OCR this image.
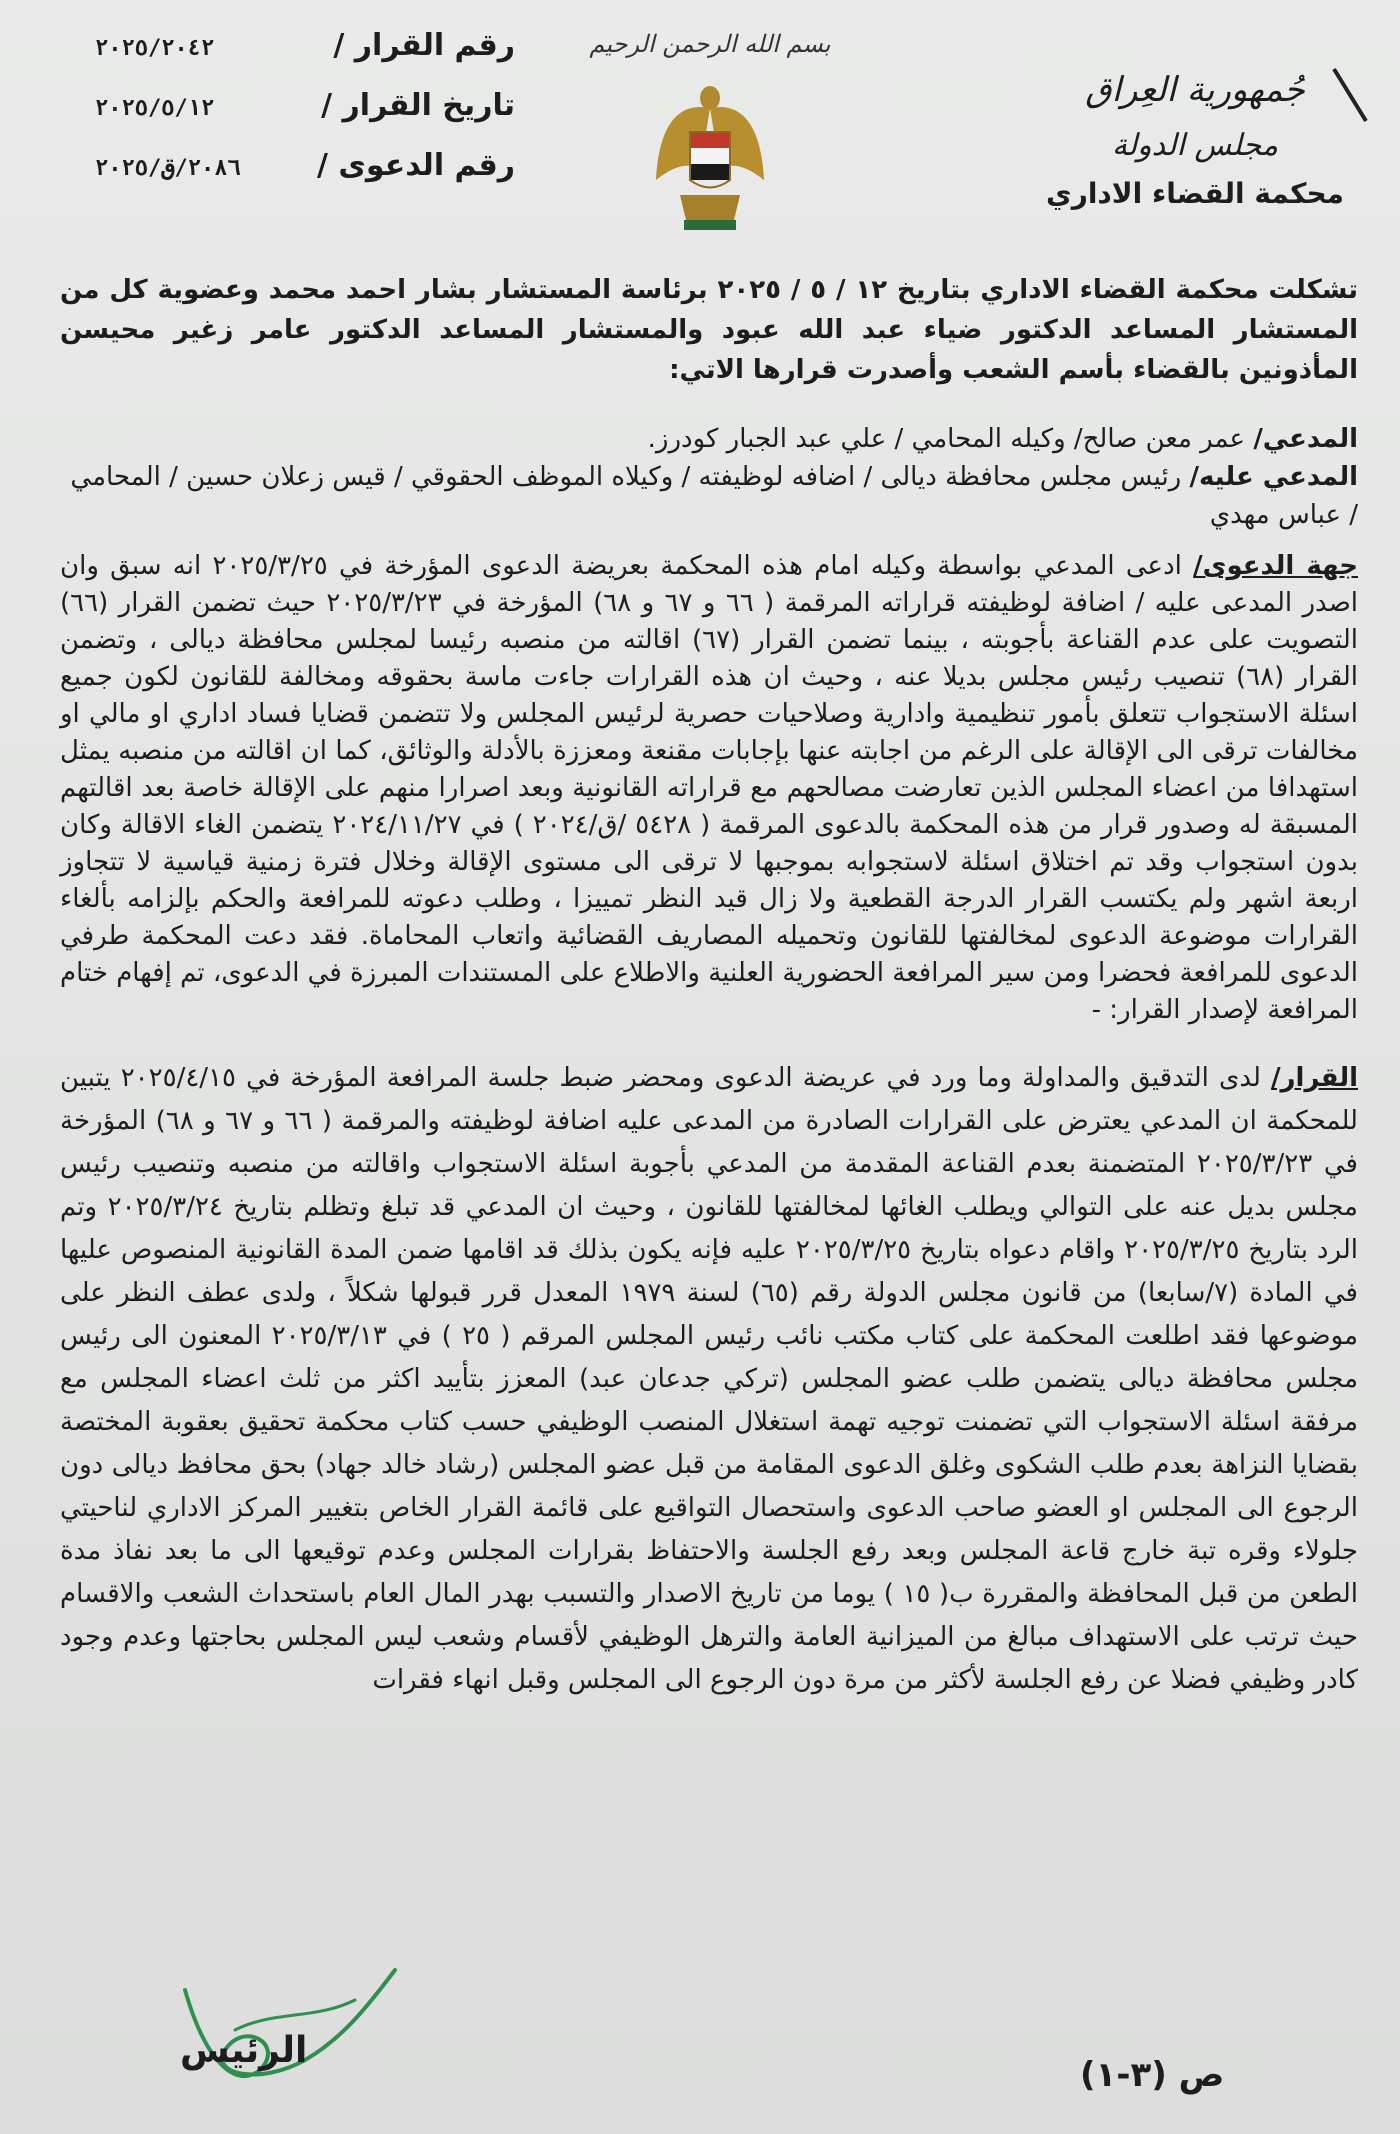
جُمهورية العِراق

مجلس الدولة

محكمة القضاء الاداري

بسم الله الرحمن الرحيم
رقم القرار /
٢٠٢٥/٢٠٤٢
تاريخ القرار /
٢٠٢٥/٥/١٢
رقم الدعوى /
٢٠٨٦/ق/٢٠٢٥

تشكلت محكمة القضاء الاداري بتاريخ ١٢ / ٥ / ٢٠٢٥ برئاسة المستشار بشار احمد محمد وعضوية كل من المستشار المساعد الدكتور ضياء عبد الله عبود والمستشار المساعد الدكتور عامر زغير محيسن المأذونين بالقضاء بأسم الشعب وأصدرت قرارها الاتي:

المدعي/ عمر معن صالح/ وكيله المحامي / علي عبد الجبار كودرز.

المدعي عليه/ رئيس مجلس محافظة ديالى / اضافه لوظيفته / وكيلاه الموظف الحقوقي / قيس زعلان حسين / المحامي / عباس مهدي

جهة الدعوى/ ادعى المدعي بواسطة وكيله امام هذه المحكمة بعريضة الدعوى المؤرخة في ٢٠٢٥/٣/٢٥ انه سبق وان اصدر المدعى عليه / اضافة لوظيفته قراراته المرقمة ( ٦٦ و ٦٧ و ٦٨) المؤرخة في ٢٠٢٥/٣/٢٣ حيث تضمن القرار (٦٦) التصويت على عدم القناعة بأجوبته ، بينما تضمن القرار (٦٧) اقالته من منصبه رئيسا لمجلس محافظة ديالى ، وتضمن القرار (٦٨) تنصيب رئيس مجلس بديلا عنه ، وحيث ان هذه القرارات جاءت ماسة بحقوقه ومخالفة للقانون لكون جميع اسئلة الاستجواب تتعلق بأمور تنظيمية وادارية وصلاحيات حصرية لرئيس المجلس ولا تتضمن قضايا فساد اداري او مالي او مخالفات ترقى الى الإقالة على الرغم من اجابته عنها بإجابات مقنعة ومعززة بالأدلة والوثائق، كما ان اقالته من منصبه يمثل استهدافا من اعضاء المجلس الذين تعارضت مصالحهم مع قراراته القانونية وبعد اصرارا منهم على الإقالة خاصة بعد اقالتهم المسبقة له وصدور قرار من هذه المحكمة بالدعوى المرقمة ( ٥٤٢٨ /ق/٢٠٢٤ ) في ٢٠٢٤/١١/٢٧ يتضمن الغاء الاقالة وكان بدون استجواب وقد تم اختلاق اسئلة لاستجوابه بموجبها لا ترقى الى مستوى الإقالة وخلال فترة زمنية قياسية لا تتجاوز اربعة اشهر ولم يكتسب القرار الدرجة القطعية ولا زال قيد النظر تمييزا ، وطلب دعوته للمرافعة والحكم بإلزامه بألغاء القرارات موضوعة الدعوى لمخالفتها للقانون وتحميله المصاريف القضائية واتعاب المحاماة. فقد دعت المحكمة طرفي الدعوى للمرافعة فحضرا ومن سير المرافعة الحضورية العلنية والاطلاع على المستندات المبرزة في الدعوى، تم إفهام ختام المرافعة لإصدار القرار: -

القرار/ لدى التدقيق والمداولة وما ورد في عريضة الدعوى ومحضر ضبط جلسة المرافعة المؤرخة في ٢٠٢٥/٤/١٥ يتبين للمحكمة ان المدعي يعترض على القرارات الصادرة من المدعى عليه اضافة لوظيفته والمرقمة ( ٦٦ و ٦٧ و ٦٨) المؤرخة في ٢٠٢٥/٣/٢٣ المتضمنة بعدم القناعة المقدمة من المدعي بأجوبة اسئلة الاستجواب واقالته من منصبه وتنصيب رئيس مجلس بديل عنه على التوالي ويطلب الغائها لمخالفتها للقانون ، وحيث ان المدعي قد تبلغ وتظلم بتاريخ ٢٠٢٥/٣/٢٤ وتم الرد بتاريخ ٢٠٢٥/٣/٢٥ واقام دعواه بتاريخ ٢٠٢٥/٣/٢٥ عليه فإنه يكون بذلك قد اقامها ضمن المدة القانونية المنصوص عليها في المادة (٧/سابعا) من قانون مجلس الدولة رقم (٦٥) لسنة ١٩٧٩ المعدل قرر قبولها شكلاً ، ولدى عطف النظر على موضوعها فقد اطلعت المحكمة على كتاب مكتب نائب رئيس المجلس المرقم ( ٢٥ ) في ٢٠٢٥/٣/١٣ المعنون الى رئيس مجلس محافظة ديالى يتضمن طلب عضو المجلس (تركي جدعان عبد) المعزز بتأييد اكثر من ثلث اعضاء المجلس مع مرفقة اسئلة الاستجواب التي تضمنت توجيه تهمة استغلال المنصب الوظيفي حسب كتاب محكمة تحقيق بعقوبة المختصة بقضايا النزاهة بعدم طلب الشكوى وغلق الدعوى المقامة من قبل عضو المجلس (رشاد خالد جهاد) بحق محافظ ديالى دون الرجوع الى المجلس او العضو صاحب الدعوى واستحصال التواقيع على قائمة القرار الخاص بتغيير المركز الاداري لناحيتي جلولاء وقره تبة خارج قاعة المجلس وبعد رفع الجلسة والاحتفاظ بقرارات المجلس وعدم توقيعها الى ما بعد نفاذ مدة الطعن من قبل المحافظة والمقررة ب( ١٥ ) يوما من تاريخ الاصدار والتسبب بهدر المال العام باستحداث الشعب والاقسام حيث ترتب على الاستهداف مبالغ من الميزانية العامة والترهل الوظيفي لأقسام وشعب ليس المجلس بحاجتها وعدم وجود كادر وظيفي فضلا عن رفع الجلسة لأكثر من مرة دون الرجوع الى المجلس وقبل انهاء فقرات

الرئيس
ص (٣-١)
